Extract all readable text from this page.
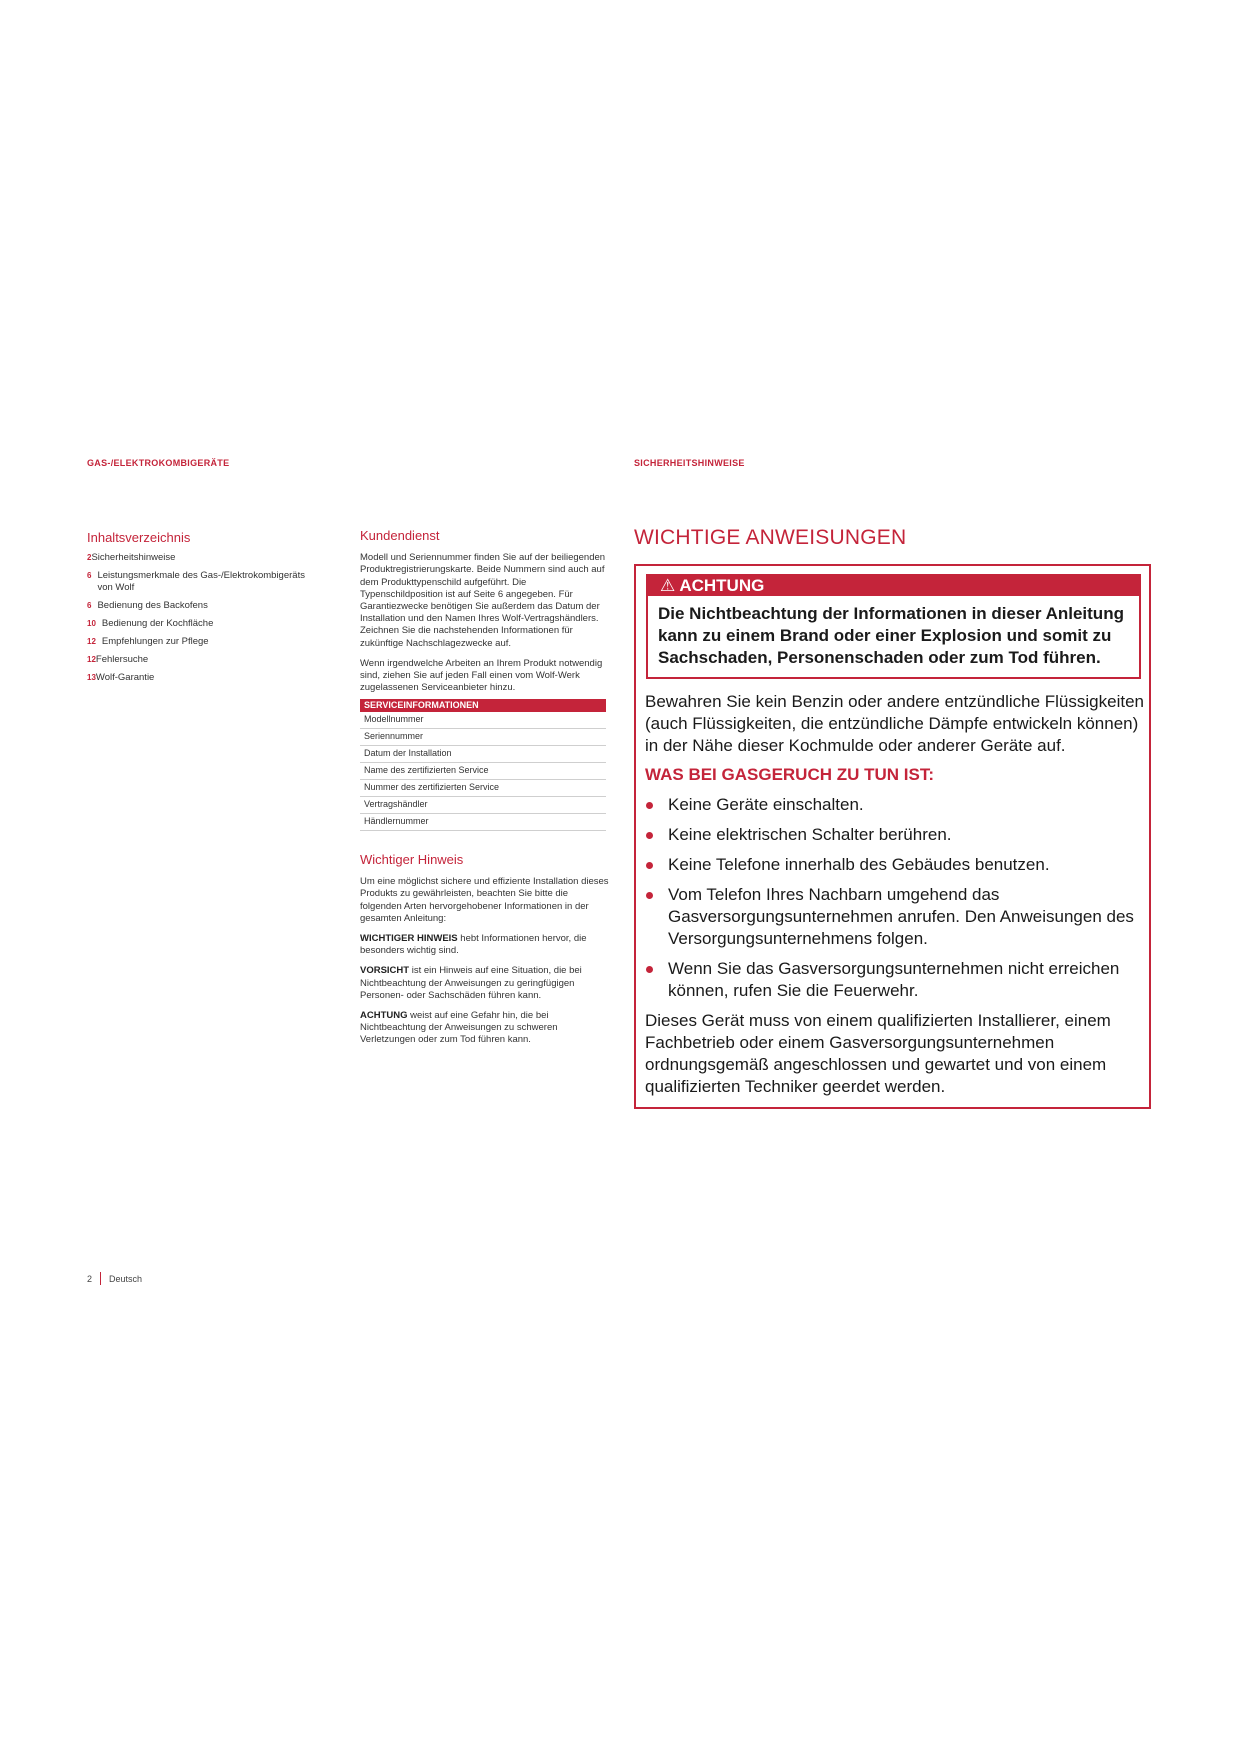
GAS-/ELEKTROKOMBIGERÄTE	SICHERHEITSHINWEISE
Inhaltsverzeichnis
2 Sicherheitshinweise
6 Leistungsmerkmale des Gas-/Elektrokombigeräts von Wolf
6 Bedienung des Backofens
10 Bedienung der Kochfläche
12 Empfehlungen zur Pflege
12 Fehlersuche
13 Wolf-Garantie
Kundendienst

Modell und Seriennummer finden Sie auf der beiliegenden Produktregistrierungskarte. Beide Nummern sind auch auf dem Produkttypenschild aufgeführt. Die Typenschildposition ist auf Seite 6 angegeben. Für Garantiezwecke benötigen Sie außerdem das Datum der Installation und den Namen Ihres Wolf-Vertragshändlers. Zeichnen Sie die nachstehenden Informationen für zukünftige Nachschlagezwecke auf.

Wenn irgendwelche Arbeiten an Ihrem Produkt notwendig sind, ziehen Sie auf jeden Fall einen vom Wolf-Werk zugelassenen Serviceanbieter hinzu.

SERVICEINFORMATIONEN
Modellnummer
Seriennummer
Datum der Installation
Name des zertifizierten Service
Nummer des zertifizierten Service
Vertragshändler
Händlernummer
Wichtiger Hinweis

Um eine möglichst sichere und effiziente Installation dieses Produkts zu gewährleisten, beachten Sie bitte die folgenden Arten hervorgehobener Informationen in der gesamten Anleitung:

WICHTIGER HINWEIS hebt Informationen hervor, die besonders wichtig sind.

VORSICHT ist ein Hinweis auf eine Situation, die bei Nichtbeachtung der Anweisungen zu geringfügigen Personen- oder Sachschäden führen kann.

ACHTUNG weist auf eine Gefahr hin, die bei Nichtbeachtung der Anweisungen zu schweren Verletzungen oder zum Tod führen kann.

WICHTIGE ANWEISUNGEN
⚠ ACHTUNG
Die Nichtbeachtung der Informationen in dieser Anleitung kann zu einem Brand oder einer Explosion und somit zu Sachschaden, Personenschaden oder zum Tod führen.
Bewahren Sie kein Benzin oder andere entzündliche Flüssigkeiten (auch Flüssigkeiten, die entzündliche Dämpfe entwickeln können) in der Nähe dieser Kochmulde oder anderer Geräte auf.
WAS BEI GASGERUCH ZU TUN IST:
Keine Geräte einschalten.
Keine elektrischen Schalter berühren.
Keine Telefone innerhalb des Gebäudes benutzen.
Vom Telefon Ihres Nachbarn umgehend das Gasversorgungsunternehmen anrufen. Den Anweisungen des Versorgungsunternehmens folgen.
Wenn Sie das Gasversorgungsunternehmen nicht erreichen können, rufen Sie die Feuerwehr.
Dieses Gerät muss von einem qualifizierten Installierer, einem Fachbetrieb oder einem Gasversorgungsunternehmen ordnungsgemäß angeschlossen und gewartet und von einem qualifizierten Techniker geerdet werden.
2 Deutsch
